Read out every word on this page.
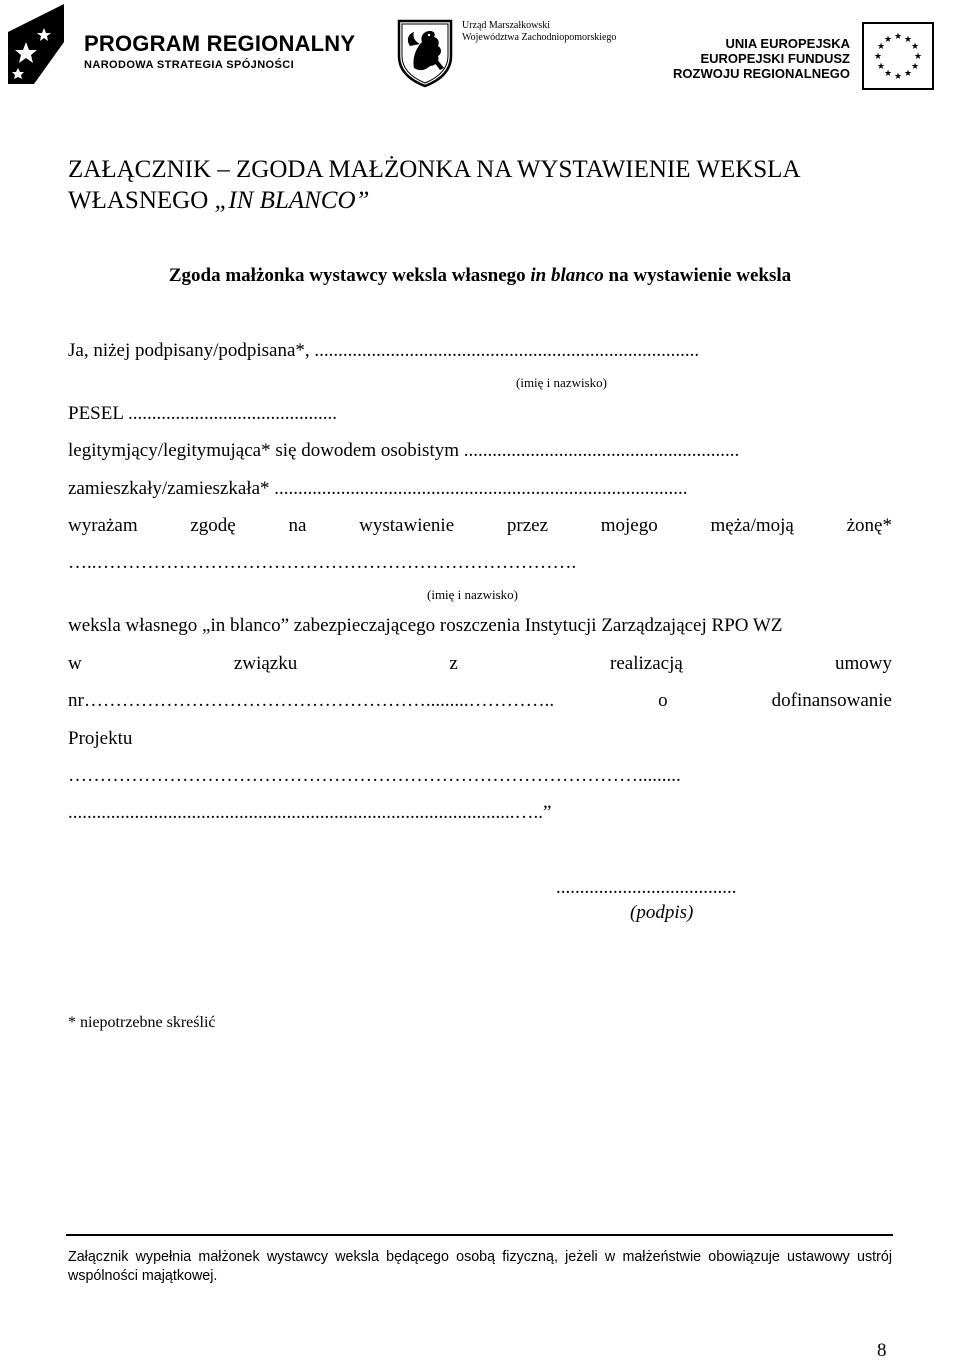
PROGRAM REGIONALNY
NARODOWA STRATEGIA SPÓJNOŚCI
Urząd Marszałkowski
Województwa Zachodniopomorskiego	UNIA EUROPEJSKA
EUROPEJSKI FUNDUSZ
ROZWOJU REGIONALNEGO
★ ★
★
★
★
★
★
★
★
★
★
★
ZAŁĄCZNIK – ZGODA MAŁŻONKA NA WYSTAWIENIE WEKSLA
WŁASNEGO „IN BLANCO”
Zgoda małżonka wystawcy weksla własnego in blanco na wystawienie weksla
Ja, niżej podpisany/podpisana*, .................................................................................
(imię i nazwisko)
PESEL ............................................
legitymjący/legitymująca* się dowodem osobistym ..........................................................
zamieszkały/zamieszkała* .......................................................................................
wyrażam	zgodę	na	wystawienie	przez	mojego	męża/moją	żonę*
…..………………………………………………………………….
(imię i nazwisko)
weksla własnego „in blanco” zabezpieczającego roszczenia Instytucji Zarządzającej RPO WZ
w	związku	z	realizacją	umowy
nr……………………………………………….........…………..	o	dofinansowanie
Projektu
……………………………………………………………………………….........
..............................................................................................…..”
......................................
(podpis)
* niepotrzebne skreślić
Załącznik wypełnia małżonek wystawcy weksla będącego osobą fizyczną, jeżeli w małżeństwie obowiązuje ustawowy ustrój wspólności majątkowej.
8
